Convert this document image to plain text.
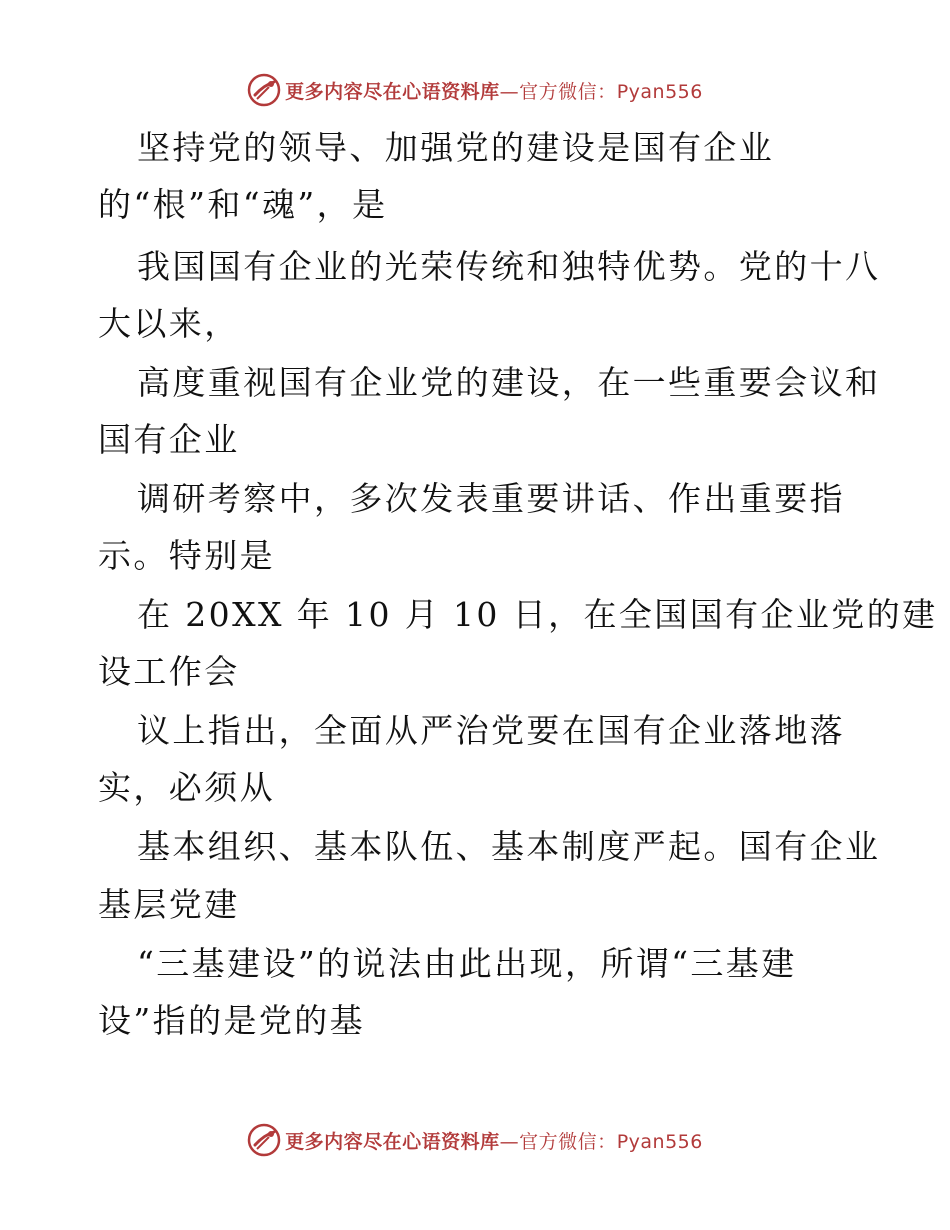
更多内容尽在心语资料库—官方微信：Pyan556
坚持党的领导、加强党的建设是国有企业
的“根”和“魂”，是
我国国有企业的光荣传统和独特优势。党的十八
大以来，
高度重视国有企业党的建设，在一些重要会议和
国有企业
调研考察中，多次发表重要讲话、作出重要指
示。特别是
在 20XX 年 10 月 10 日，在全国国有企业党的建
设工作会
议上指出，全面从严治党要在国有企业落地落
实，必须从
基本组织、基本队伍、基本制度严起。国有企业
基层党建
“三基建设”的说法由此出现，所谓“三基建
设”指的是党的基
更多内容尽在心语资料库—官方微信：Pyan556
